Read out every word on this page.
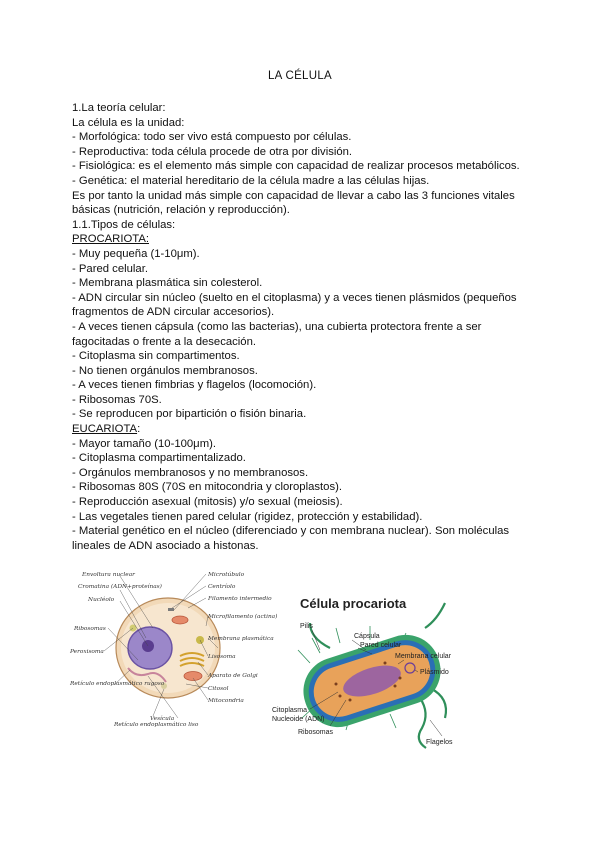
LA CÉLULA
1.La teoría celular:
La célula es la unidad:
- Morfológica: todo ser vivo está compuesto por células.
- Reproductiva: toda célula procede de otra por división.
- Fisiológica: es el elemento más simple con capacidad de realizar procesos metabólicos.
- Genética: el material hereditario de la célula madre a las células hijas.
Es por tanto la unidad más simple con capacidad de llevar a cabo las 3 funciones vitales básicas (nutrición, relación y reproducción).
1.1.Tipos de células:
PROCARIOTA:
- Muy pequeña (1-10μm).
- Pared celular.
- Membrana plasmática sin colesterol.
- ADN circular sin núcleo (suelto en el citoplasma) y a veces tienen plásmidos (pequeños fragmentos de ADN circular accesorios).
- A veces tienen cápsula (como las bacterias), una cubierta protectora frente a ser fagocitadas o frente a la desecación.
- Citoplasma sin compartimentos.
- No tienen orgánulos membranosos.
- A veces tienen fimbrias y flagelos (locomoción).
- Ribosomas 70S.
- Se reproducen por bipartición o fisión binaria.
EUCARIOTA:
- Mayor tamaño (10-100μm).
- Citoplasma compartimentalizado.
- Orgánulos membranosos y no membranosos.
- Ribosomas 80S (70S en mitocondria y cloroplastos).
- Reproducción asexual (mitosis) y/o sexual (meiosis).
- Las vegetales tienen pared celular (rigidez, protección y estabilidad).
- Material genético en el núcleo (diferenciado y con membrana nuclear). Son moléculas lineales de ADN asociado a histonas.
Envoltura nuclear
Cromatina (ADN+proteínas)
Nucléolo
Ribosomas
Peroxisoma
Retículo endoplasmático rugoso
Microtúbulo
Centríolo
Filamento intermedio
Microfilamento (actina)
Membrana plasmática
Lisosoma
Aparato de Golgi
Citosol
Mitocondria
Vesícula
Retículo endoplasmático liso
Célula procariota
Pilis
Cápsula
Pared celular
Membrana celular
Citoplasma
Nucleoide (ADN)
Ribosomas
Plásmido
Flagelos
